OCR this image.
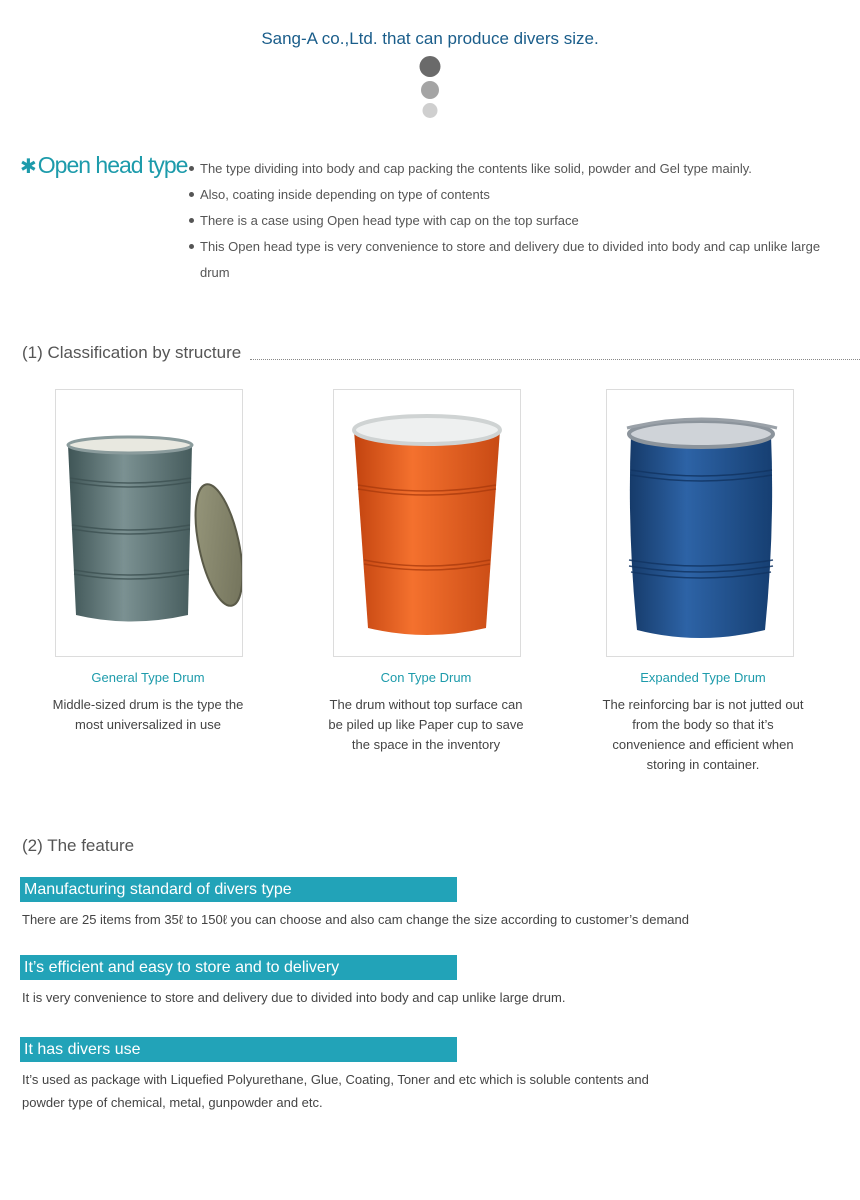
Sang-A co.,Ltd. that can produce divers size.
✱Open head type The type dividing into body and cap packing the contents like solid, powder and Gel type mainly.
Also, coating inside depending on type of contents
There is a case using Open head type with cap on the top surface
This Open head type is very convenience to store and delivery due to divided into body and cap unlike large drum
(1) Classification by structure
General Type Drum
Middle-sized drum is the type the most universalized in use
Con Type Drum
The drum without top surface can be piled up like Paper cup to save the space in the inventory
Expanded Type Drum
The reinforcing bar is not jutted out from the body so that it’s convenience and efficient when storing in container.
(2) The feature
Manufacturing standard of divers type
There are 25 items from 35ℓ to 150ℓ you can choose and also cam change the size according to customer’s demand
It’s efficient and easy to store and to delivery
It is very convenience to store and delivery due to divided into body and cap unlike large drum.
It has divers use
It’s used as package with Liquefied Polyurethane, Glue, Coating, Toner and etc which is soluble contents and powder type of chemical, metal, gunpowder and etc.
